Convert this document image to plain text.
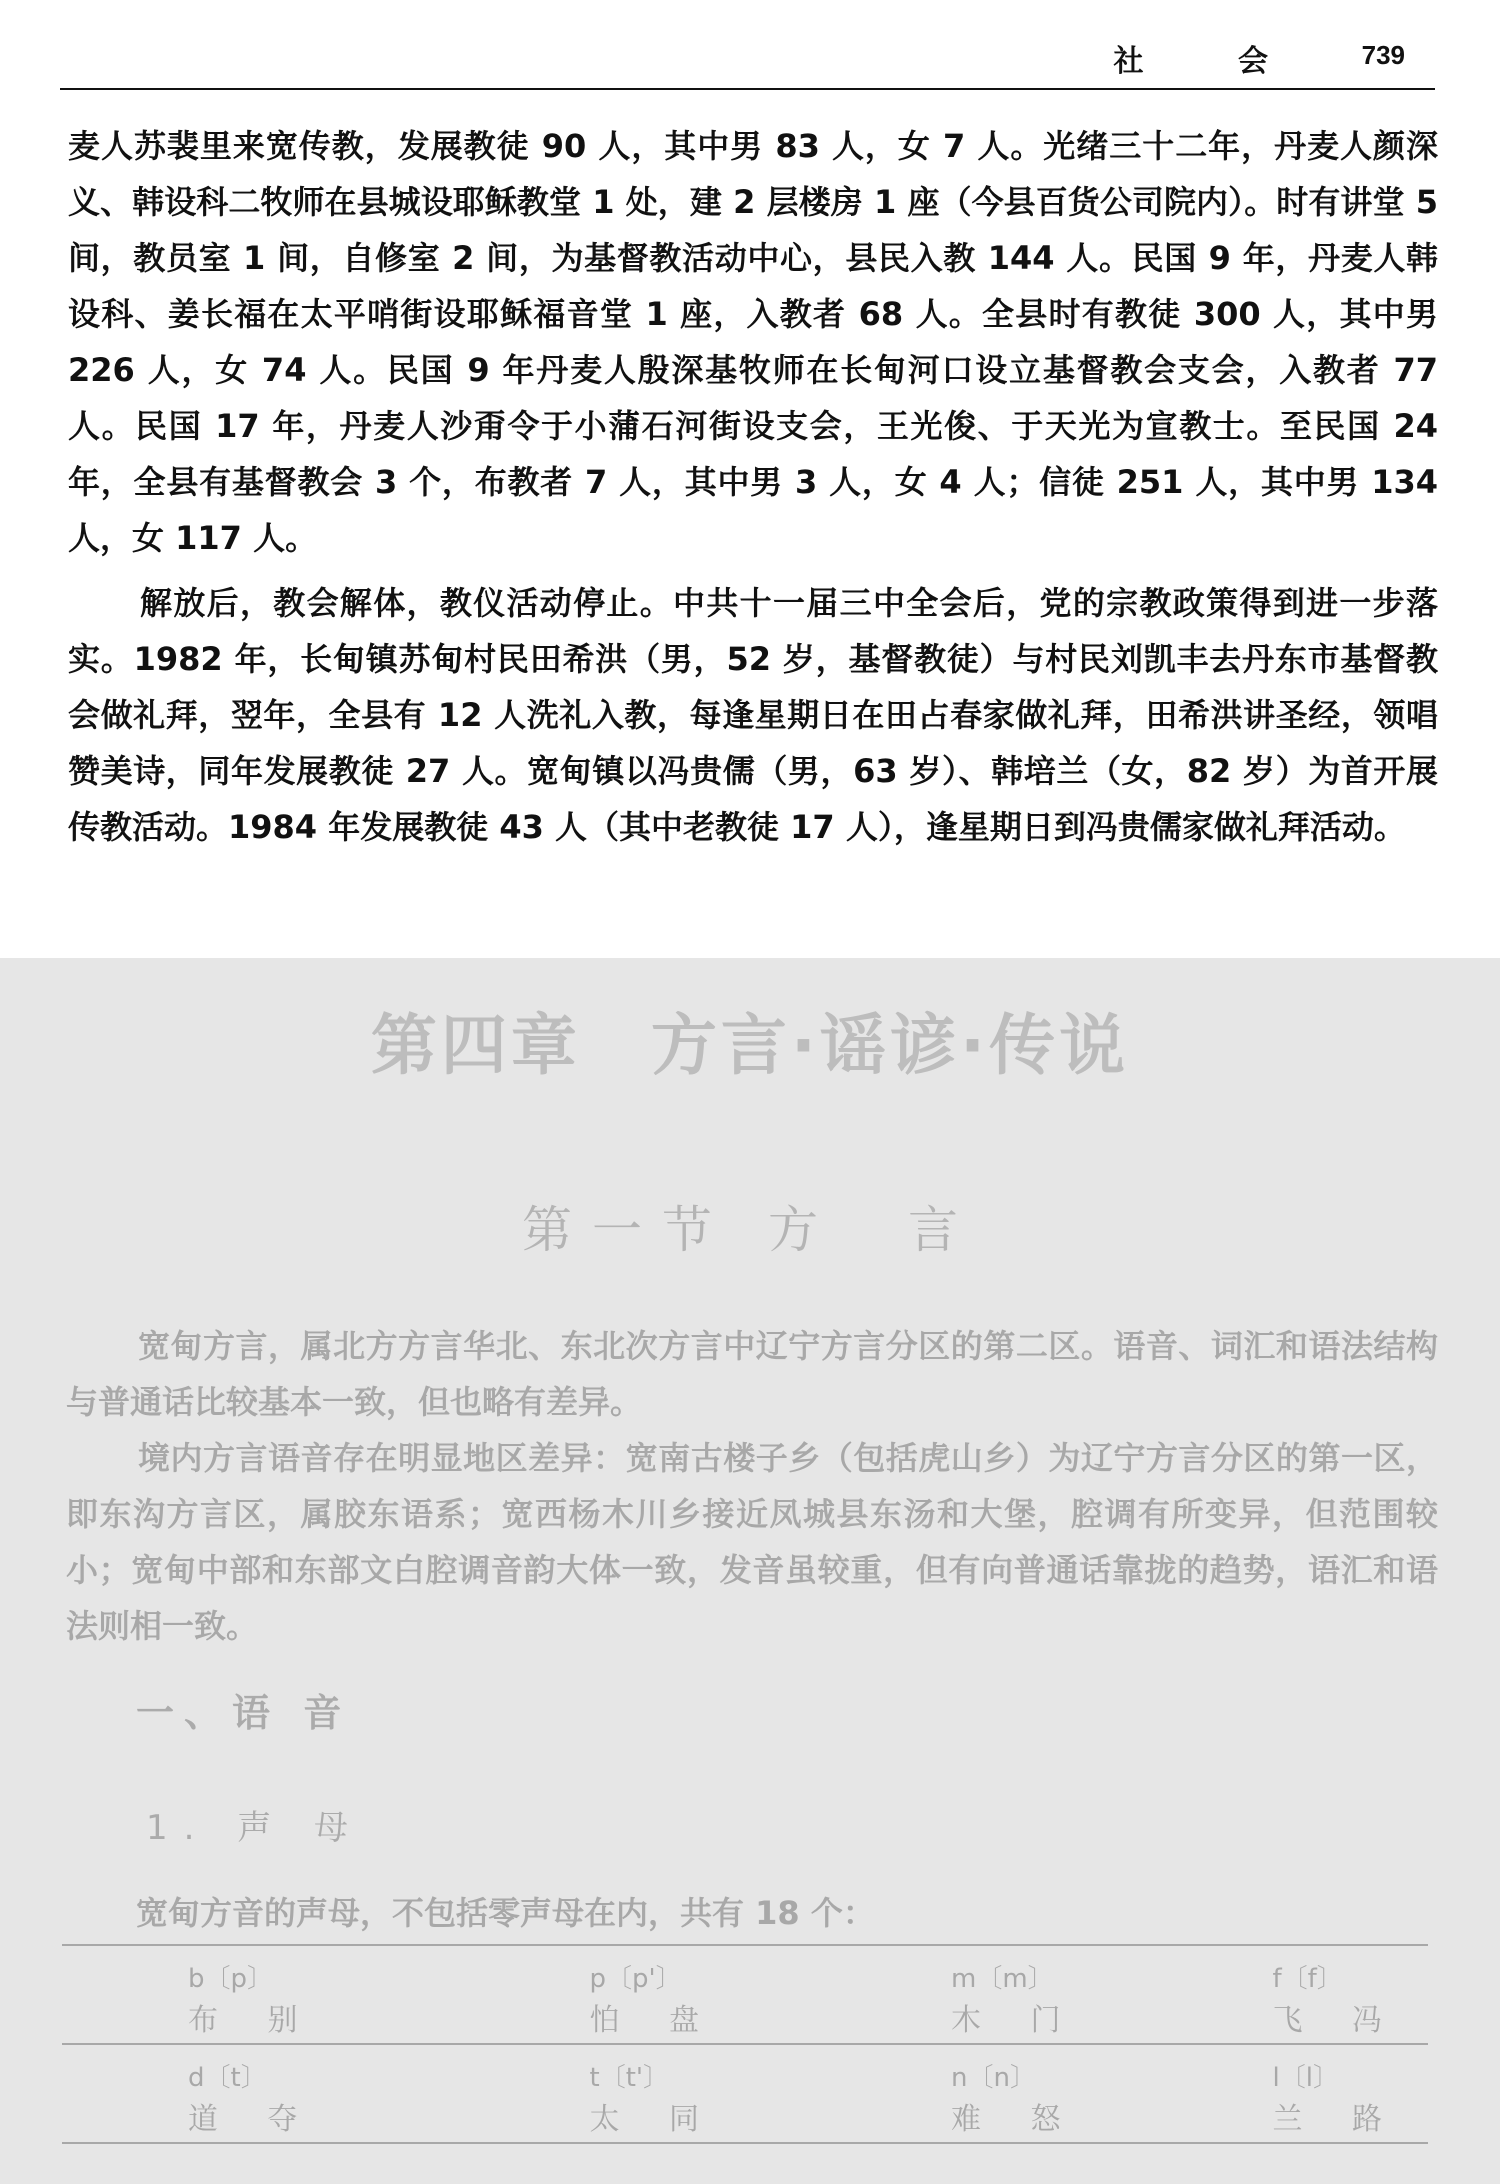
社 会 739

麦人苏裴里来宽传教，发展教徒 90 人，其中男 83 人，女 7 人。光绪三十二年，丹麦人颜深义、韩设科二牧师在县城设耶稣教堂 1 处，建 2 层楼房 1 座（今县百货公司院内）。时有讲堂 5 间，教员室 1 间，自修室 2 间，为基督教活动中心，县民入教 144 人。民国 9 年，丹麦人韩设科、姜长福在太平哨街设耶稣福音堂 1 座，入教者 68 人。全县时有教徒 300 人，其中男 226 人，女 74 人。民国 9 年丹麦人殷深基牧师在长甸河口设立基督教会支会，入教者 77 人。民国 17 年，丹麦人沙甭令于小蒲石河街设支会，王光俊、于天光为宣教士。至民国 24 年，全县有基督教会 3 个，布教者 7 人，其中男 3 人，女 4 人；信徒 251 人，其中男 134 人，女 117 人。

解放后，教会解体，教仪活动停止。中共十一届三中全会后，党的宗教政策得到进一步落实。1982 年，长甸镇苏甸村民田希洪（男，52 岁，基督教徒）与村民刘凯丰去丹东市基督教会做礼拜，翌年，全县有 12 人洗礼入教，每逢星期日在田占春家做礼拜，田希洪讲圣经，领唱赞美诗，同年发展教徒 27 人。宽甸镇以冯贵儒（男，63 岁）、韩培兰（女，82 岁）为首开展传教活动。1984 年发展教徒 43 人（其中老教徒 17 人），逢星期日到冯贵儒家做礼拜活动。

第四章　方言·谣谚·传说
第一节 方　言

宽甸方言，属北方方言华北、东北次方言中辽宁方言分区的第二区。语音、词汇和语法结构与普通话比较基本一致，但也略有差异。

境内方言语音存在明显地区差异：宽南古楼子乡（包括虎山乡）为辽宁方言分区的第一区，即东沟方言区，属胶东语系；宽西杨木川乡接近凤城县东汤和大堡，腔调有所变异，但范围较小；宽甸中部和东部文白腔调音韵大体一致，发音虽较重，但有向普通话靠拢的趋势，语汇和语法则相一致。

一、语 音
1. 声 母
宽甸方音的声母，不包括零声母在内，共有 18 个：
b〔p〕	p〔p'〕	m〔m〕	f〔f〕
布 别	怕 盘	木 门	飞 冯
d〔t〕	t〔t'〕	n〔n〕	l〔l〕
道 夺	太 同	难 怒	兰 路
